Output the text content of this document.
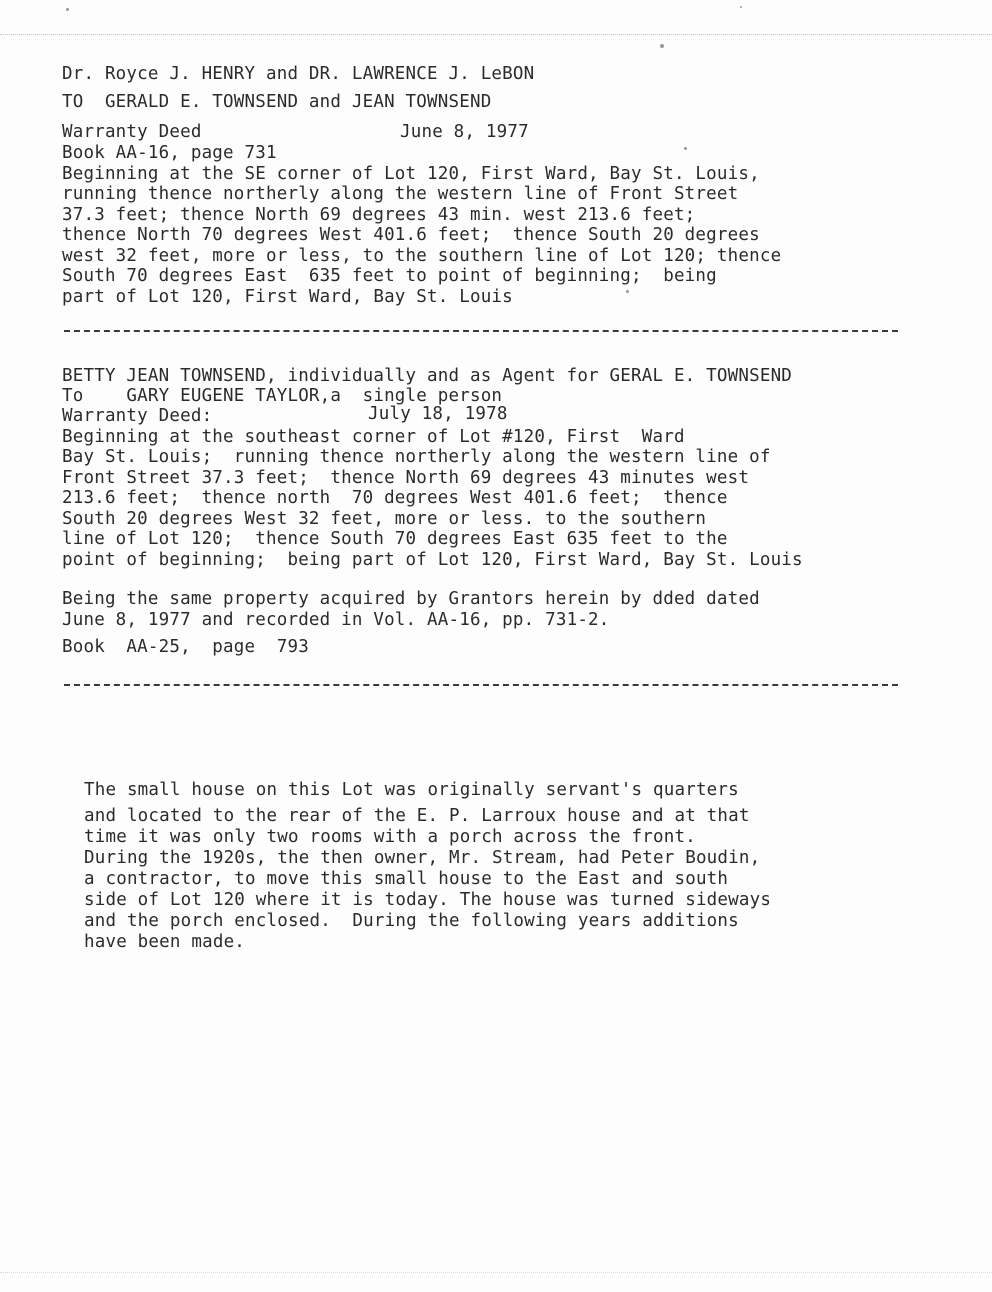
Dr. Royce J. HENRY and DR. LAWRENCE J. LeBON
TO  GERALD E. TOWNSEND and JEAN TOWNSEND
Warranty Deed	June 8, 1977
Book AA-16, page 731
Beginning at the SE corner of Lot 120, First Ward, Bay St. Louis,
running thence northerly along the western line of Front Street
37.3 feet; thence North 69 degrees 43 min. west 213.6 feet;
thence North 70 degrees West 401.6 feet;  thence South 20 degrees
west 32 feet, more or less, to the southern line of Lot 120; thence
South 70 degrees East  635 feet to point of beginning;  being
part of Lot 120, First Ward, Bay St. Louis
BETTY JEAN TOWNSEND, individually and as Agent for GERAL E. TOWNSEND
To    GARY EUGENE TAYLOR,a  single person
Warranty Deed:	July 18, 1978
Beginning at the southeast corner of Lot #120, First  Ward
Bay St. Louis;  running thence northerly along the western line of
Front Street 37.3 feet;  thence North 69 degrees 43 minutes west
213.6 feet;  thence north  70 degrees West 401.6 feet;  thence
South 20 degrees West 32 feet, more or less. to the southern
line of Lot 120;  thence South 70 degrees East 635 feet to the
point of beginning;  being part of Lot 120, First Ward, Bay St. Louis
Being the same property acquired by Grantors herein by dded dated
June 8, 1977 and recorded in Vol. AA-16, pp. 731-2.
Book  AA-25,  page  793
The small house on this Lot was originally servant's quarters
and located to the rear of the E. P. Larroux house and at that
time it was only two rooms with a porch across the front.
During the 1920s, the then owner, Mr. Stream, had Peter Boudin,
a contractor, to move this small house to the East and south
side of Lot 120 where it is today. The house was turned sideways
and the porch enclosed.  During the following years additions
have been made.
